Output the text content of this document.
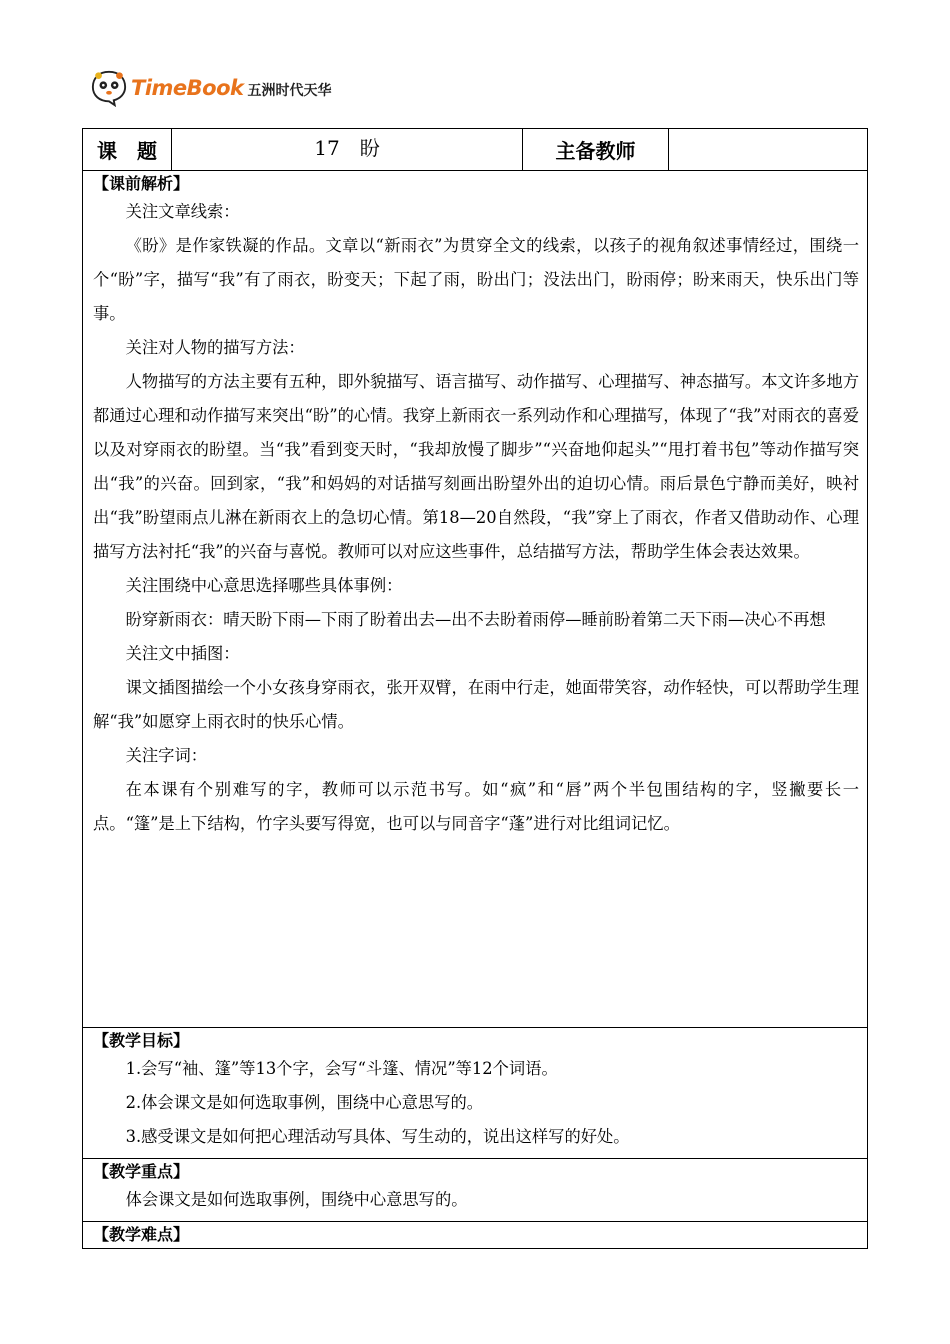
TimeBook 五洲时代天华
课　题	17　盼	主备教师
【课前解析】

关注文章线索：

《盼》是作家铁凝的作品。文章以“新雨衣”为贯穿全文的线索，以孩子的视角叙述事情经过，围绕一个“盼”字，描写“我”有了雨衣，盼变天；下起了雨，盼出门；没法出门，盼雨停；盼来雨天，快乐出门等事。

关注对人物的描写方法：

人物描写的方法主要有五种，即外貌描写、语言描写、动作描写、心理描写、神态描写。本文许多地方都通过心理和动作描写来突出“盼”的心情。我穿上新雨衣一系列动作和心理描写，体现了“我”对雨衣的喜爱以及对穿雨衣的盼望。当“我”看到变天时，“我却放慢了脚步”“兴奋地仰起头”“甩打着书包”等动作描写突出“我”的兴奋。回到家，“我”和妈妈的对话描写刻画出盼望外出的迫切心情。雨后景色宁静而美好，映衬出“我”盼望雨点儿淋在新雨衣上的急切心情。第18—20自然段，“我”穿上了雨衣，作者又借助动作、心理描写方法衬托“我”的兴奋与喜悦。教师可以对应这些事件，总结描写方法，帮助学生体会表达效果。

关注围绕中心意思选择哪些具体事例：

盼穿新雨衣：晴天盼下雨—下雨了盼着出去—出不去盼着雨停—睡前盼着第二天下雨—决心不再想

关注文中插图：

课文插图描绘一个小女孩身穿雨衣，张开双臂，在雨中行走，她面带笑容，动作轻快，可以帮助学生理解“我”如愿穿上雨衣时的快乐心情。

关注字词：

在本课有个别难写的字，教师可以示范书写。如“疯”和“唇”两个半包围结构的字，竖撇要长一点。“篷”是上下结构，竹字头要写得宽，也可以与同音字“蓬”进行对比组词记忆。

【教学目标】

1.会写“袖、篷”等13个字，会写“斗篷、情况”等12个词语。

2.体会课文是如何选取事例，围绕中心意思写的。

3.感受课文是如何把心理活动写具体、写生动的，说出这样写的好处。

【教学重点】

体会课文是如何选取事例，围绕中心意思写的。

【教学难点】
